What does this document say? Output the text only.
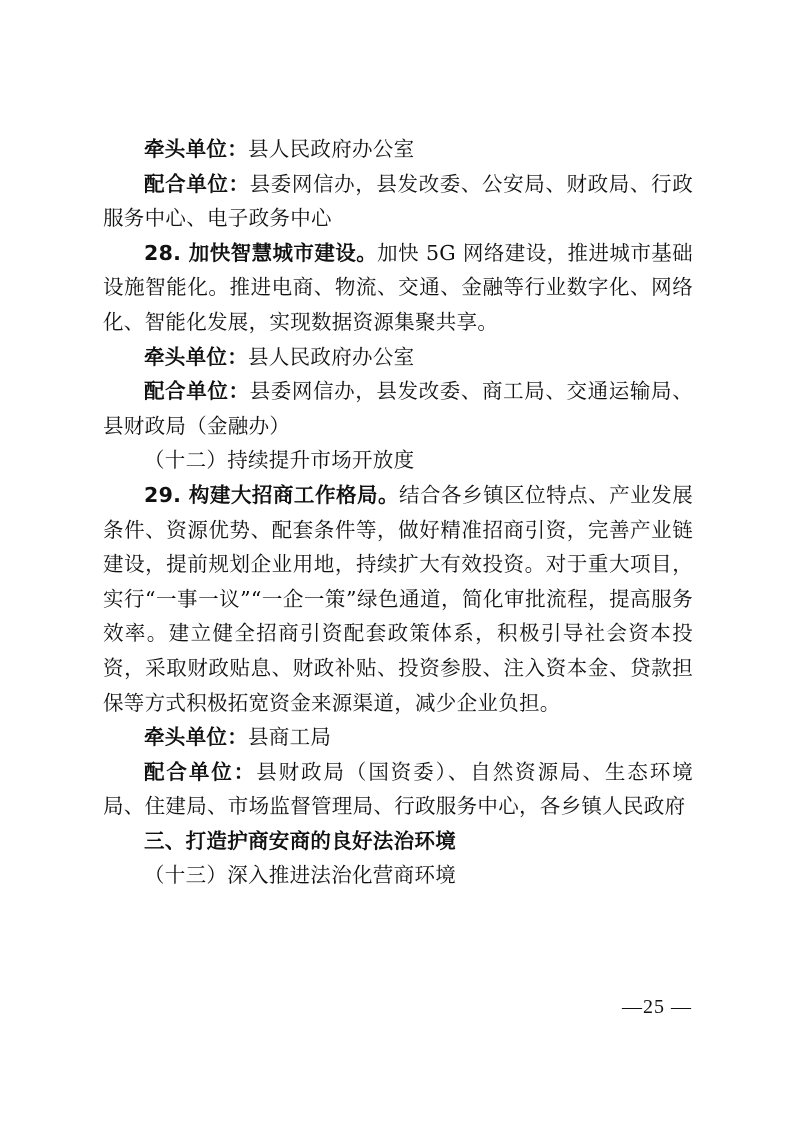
牵头单位：县人民政府办公室

配合单位：县委网信办，县发改委、公安局、财政局、行政服务中心、电子政务中心

28. 加快智慧城市建设。加快 5G 网络建设，推进城市基础设施智能化。推进电商、物流、交通、金融等行业数字化、网络化、智能化发展，实现数据资源集聚共享。

牵头单位：县人民政府办公室

配合单位：县委网信办，县发改委、商工局、交通运输局、县财政局（金融办）

（十二）持续提升市场开放度

29. 构建大招商工作格局。结合各乡镇区位特点、产业发展条件、资源优势、配套条件等，做好精准招商引资，完善产业链建设，提前规划企业用地，持续扩大有效投资。对于重大项目，实行“一事一议”“一企一策”绿色通道，简化审批流程，提高服务效率。建立健全招商引资配套政策体系，积极引导社会资本投资，采取财政贴息、财政补贴、投资参股、注入资本金、贷款担保等方式积极拓宽资金来源渠道，减少企业负担。

牵头单位：县商工局

配合单位：县财政局（国资委）、自然资源局、生态环境局、住建局、市场监督管理局、行政服务中心，各乡镇人民政府

三、打造护商安商的良好法治环境

（十三）深入推进法治化营商环境

—25 —
